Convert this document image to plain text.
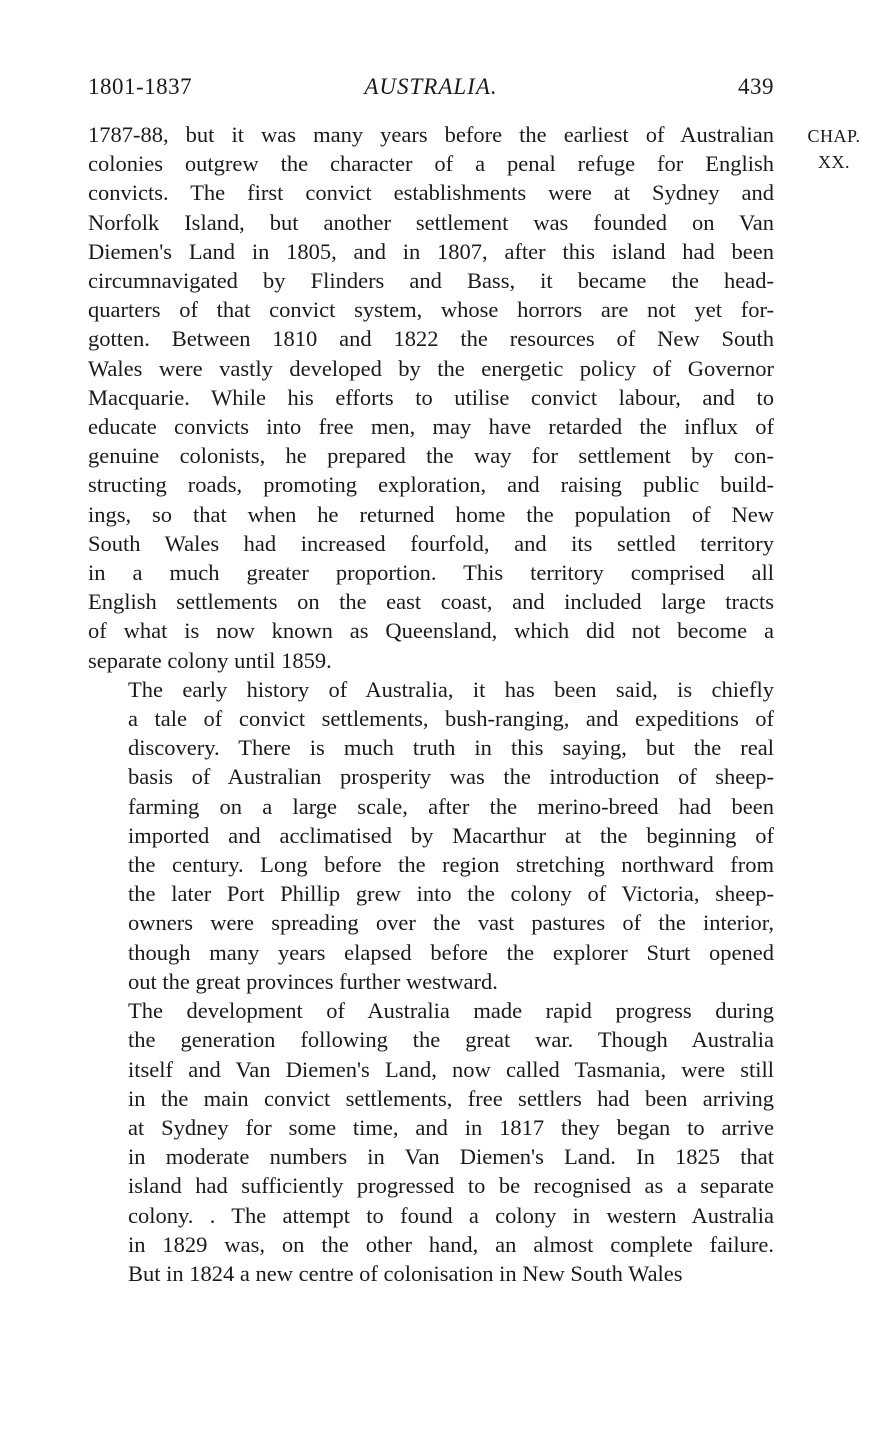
1801-1837	AUSTRALIA.	439
CHAP.
XX.
1787-88, but it was many years before the earliest of Australian
colonies outgrew the character of a penal refuge for English
convicts. The first convict establishments were at Sydney and
Norfolk Island, but another settlement was founded on Van
Diemen's Land in 1805, and in 1807, after this island had been
circumnavigated by Flinders and Bass, it became the head-
quarters of that convict system, whose horrors are not yet for-
gotten. Between 1810 and 1822 the resources of New South
Wales were vastly developed by the energetic policy of Governor
Macquarie. While his efforts to utilise convict labour, and to
educate convicts into free men, may have retarded the influx of
genuine colonists, he prepared the way for settlement by con-
structing roads, promoting exploration, and raising public build-
ings, so that when he returned home the population of New
South Wales had increased fourfold, and its settled territory
in a much greater proportion. This territory comprised all
English settlements on the east coast, and included large tracts
of what is now known as Queensland, which did not become a
separate colony until 1859.
The early history of Australia, it has been said, is chiefly
a tale of convict settlements, bush-ranging, and expeditions of
discovery. There is much truth in this saying, but the real
basis of Australian prosperity was the introduction of sheep-
farming on a large scale, after the merino-breed had been
imported and acclimatised by Macarthur at the beginning of
the century. Long before the region stretching northward from
the later Port Phillip grew into the colony of Victoria, sheep-
owners were spreading over the vast pastures of the interior,
though many years elapsed before the explorer Sturt opened
out the great provinces further westward.
The development of Australia made rapid progress during
the generation following the great war. Though Australia
itself and Van Diemen's Land, now called Tasmania, were still
in the main convict settlements, free settlers had been arriving
at Sydney for some time, and in 1817 they began to arrive
in moderate numbers in Van Diemen's Land. In 1825 that
island had sufficiently progressed to be recognised as a separate
colony. . The attempt to found a colony in western Australia
in 1829 was, on the other hand, an almost complete failure.
But in 1824 a new centre of colonisation in New South Wales
